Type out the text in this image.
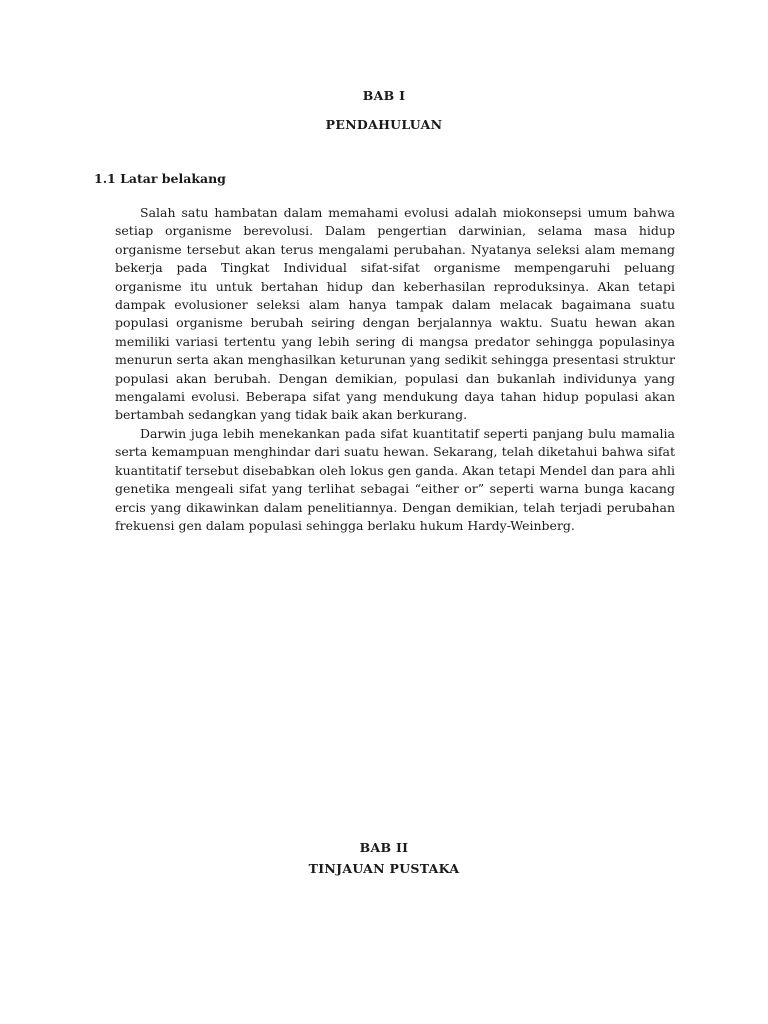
BAB I
PENDAHULUAN
1.1 Latar belakang

Salah satu hambatan dalam memahami evolusi adalah miokonsepsi umum bahwa setiap organisme berevolusi. Dalam pengertian darwinian, selama masa hidup organisme tersebut akan terus mengalami perubahan. Nyatanya seleksi alam memang bekerja pada Tingkat Individual sifat-sifat organisme mempengaruhi peluang organisme itu untuk bertahan hidup dan keberhasilan reproduksinya. Akan tetapi dampak evolusioner seleksi alam hanya tampak dalam melacak bagaimana suatu populasi organisme berubah seiring dengan berjalannya waktu. Suatu hewan akan memiliki variasi tertentu yang lebih sering di mangsa predator sehingga populasinya menurun serta akan menghasilkan keturunan yang sedikit sehingga presentasi struktur populasi akan berubah. Dengan demikian, populasi dan bukanlah individunya yang mengalami evolusi. Beberapa sifat yang mendukung daya tahan hidup populasi akan bertambah sedangkan yang tidak baik akan berkurang.

Darwin juga lebih menekankan pada sifat kuantitatif seperti panjang bulu mamalia serta kemampuan menghindar dari suatu hewan. Sekarang, telah diketahui bahwa sifat kuantitatif tersebut disebabkan oleh lokus gen ganda. Akan tetapi Mendel dan para ahli genetika mengeali sifat yang terlihat sebagai “either or” seperti warna bunga kacang ercis yang dikawinkan dalam penelitiannya. Dengan demikian, telah terjadi perubahan frekuensi gen dalam populasi sehingga berlaku hukum Hardy-Weinberg.

BAB II
TINJAUAN PUSTAKA
